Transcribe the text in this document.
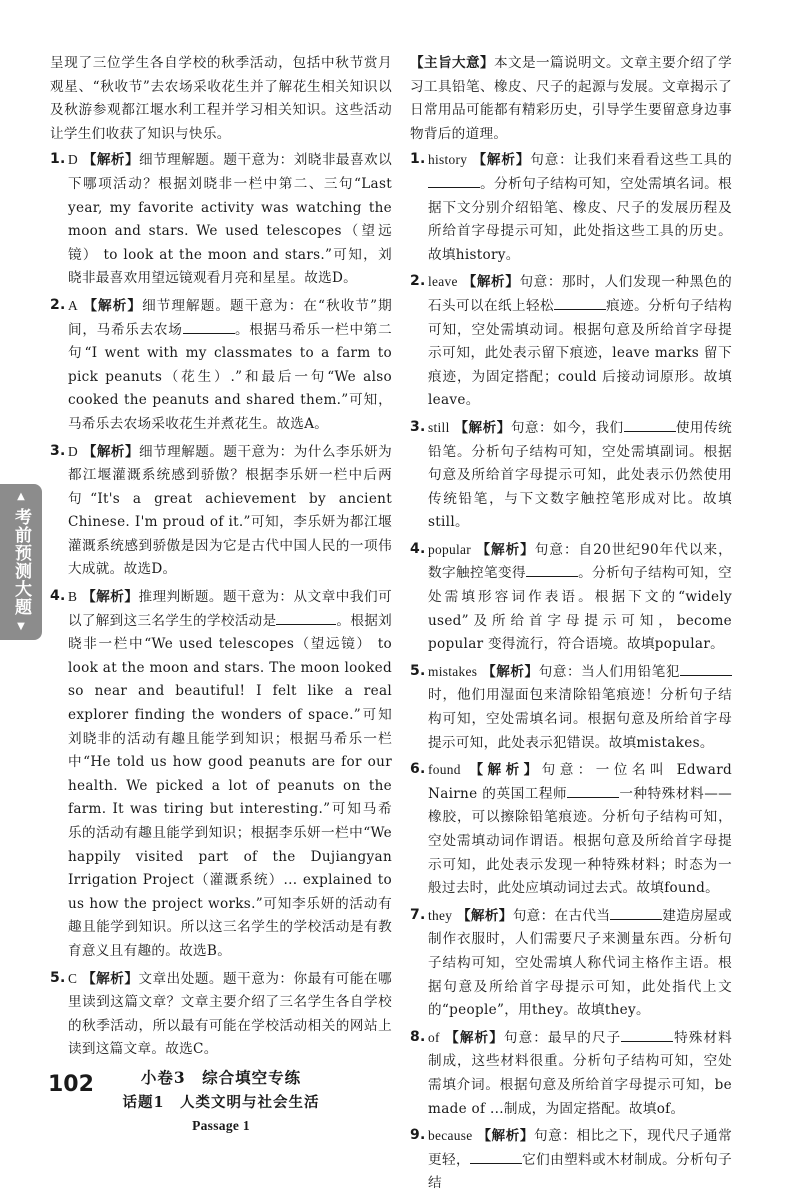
▲
考前预测大题
▼

呈现了三位学生各自学校的秋季活动，包括中秋节赏月观星、“秋收节”去农场采收花生并了解花生相关知识以及秋游参观都江堰水利工程并学习相关知识。这些活动让学生们收获了知识与快乐。

1. D 【解析】细节理解题。题干意为：刘晓非最喜欢以下哪项活动？根据刘晓非一栏中第二、三句“Last year, my favorite activity was watching the moon and stars. We used telescopes（望远镜） to look at the moon and stars.”可知，刘晓非最喜欢用望远镜观看月亮和星星。故选D。
2. A 【解析】细节理解题。题干意为：在“秋收节”期间，马希乐去农场	。根据马希乐一栏中第二句“I went with my classmates to a farm to pick peanuts（花生）.”和最后一句“We also cooked the peanuts and shared them.”可知，马希乐去农场采收花生并煮花生。故选A。
3. D 【解析】细节理解题。题干意为：为什么李乐妍为都江堰灌溉系统感到骄傲？根据李乐妍一栏中后两句“It's a great achievement by ancient Chinese. I'm proud of it.”可知，李乐妍为都江堰灌溉系统感到骄傲是因为它是古代中国人民的一项伟大成就。故选D。
4. B 【解析】推理判断题。题干意为：从文章中我们可以了解到这三名学生的学校活动是	。根据刘晓非一栏中“We used telescopes（望远镜） to look at the moon and stars. The moon looked so near and beautiful! I felt like a real explorer finding the wonders of space.”可知刘晓非的活动有趣且能学到知识；根据马希乐一栏中“He told us how good peanuts are for our health. We picked a lot of peanuts on the farm. It was tiring but interesting.”可知马希乐的活动有趣且能学到知识；根据李乐妍一栏中“We happily visited part of the Dujiangyan Irrigation Project（灌溉系统）... explained to us how the project works.”可知李乐妍的活动有趣且能学到知识。所以这三名学生的学校活动是有教育意义且有趣的。故选B。
5. C 【解析】文章出处题。题干意为：你最有可能在哪里读到这篇文章？文章主要介绍了三名学生各自学校的秋季活动，所以最有可能在学校活动相关的网站上读到这篇文章。故选C。
小卷3　综合填空专练
话题1　人类文明与社会生活
Passage 1

【主旨大意】本文是一篇说明文。文章主要介绍了学习工具铅笔、橡皮、尺子的起源与发展。文章揭示了日常用品可能都有精彩历史，引导学生要留意身边事物背后的道理。

1. history 【解析】句意：让我们来看看这些工具的。分析句子结构可知，空处需填名词。根据下文分别介绍铅笔、橡皮、尺子的发展历程及所给首字母提示可知，此处指这些工具的历史。故填history。
2. leave 【解析】句意：那时，人们发现一种黑色的石头可以在纸上轻松	痕迹。分析句子结构可知，空处需填动词。根据句意及所给首字母提示可知，此处表示留下痕迹，leave marks 留下痕迹，为固定搭配；could 后接动词原形。故填leave。
3. still 【解析】句意：如今，我们	使用传统铅笔。分析句子结构可知，空处需填副词。根据句意及所给首字母提示可知，此处表示仍然使用传统铅笔，与下文数字触控笔形成对比。故填still。
4. popular 【解析】句意：自20世纪90年代以来，数字触控笔变得	。分析句子结构可知，空处需填形容词作表语。根据下文的“widely used”及所给首字母提示可知，become popular 变得流行，符合语境。故填popular。
5. mistakes 【解析】句意：当人们用铅笔犯时，他们用湿面包来清除铅笔痕迹！分析句子结构可知，空处需填名词。根据句意及所给首字母提示可知，此处表示犯错误。故填mistakes。
6. found 【解析】句意：一位名叫 Edward Nairne 的英国工程师	一种特殊材料——橡胶，可以擦除铅笔痕迹。分析句子结构可知，空处需填动词作谓语。根据句意及所给首字母提示可知，此处表示发现一种特殊材料；时态为一般过去时，此处应填动词过去式。故填found。
7. they 【解析】句意：在古代当	建造房屋或制作衣服时，人们需要尺子来测量东西。分析句子结构可知，空处需填人称代词主格作主语。根据句意及所给首字母提示可知，此处指代上文的“people”，用they。故填they。
8. of 【解析】句意：最早的尺子	特殊材料制成，这些材料很重。分析句子结构可知，空处需填介词。根据句意及所给首字母提示可知，be made of ...制成，为固定搭配。故填of。
9. because 【解析】句意：相比之下，现代尺子通常更轻，	它们由塑料或木材制成。分析句子结
102
